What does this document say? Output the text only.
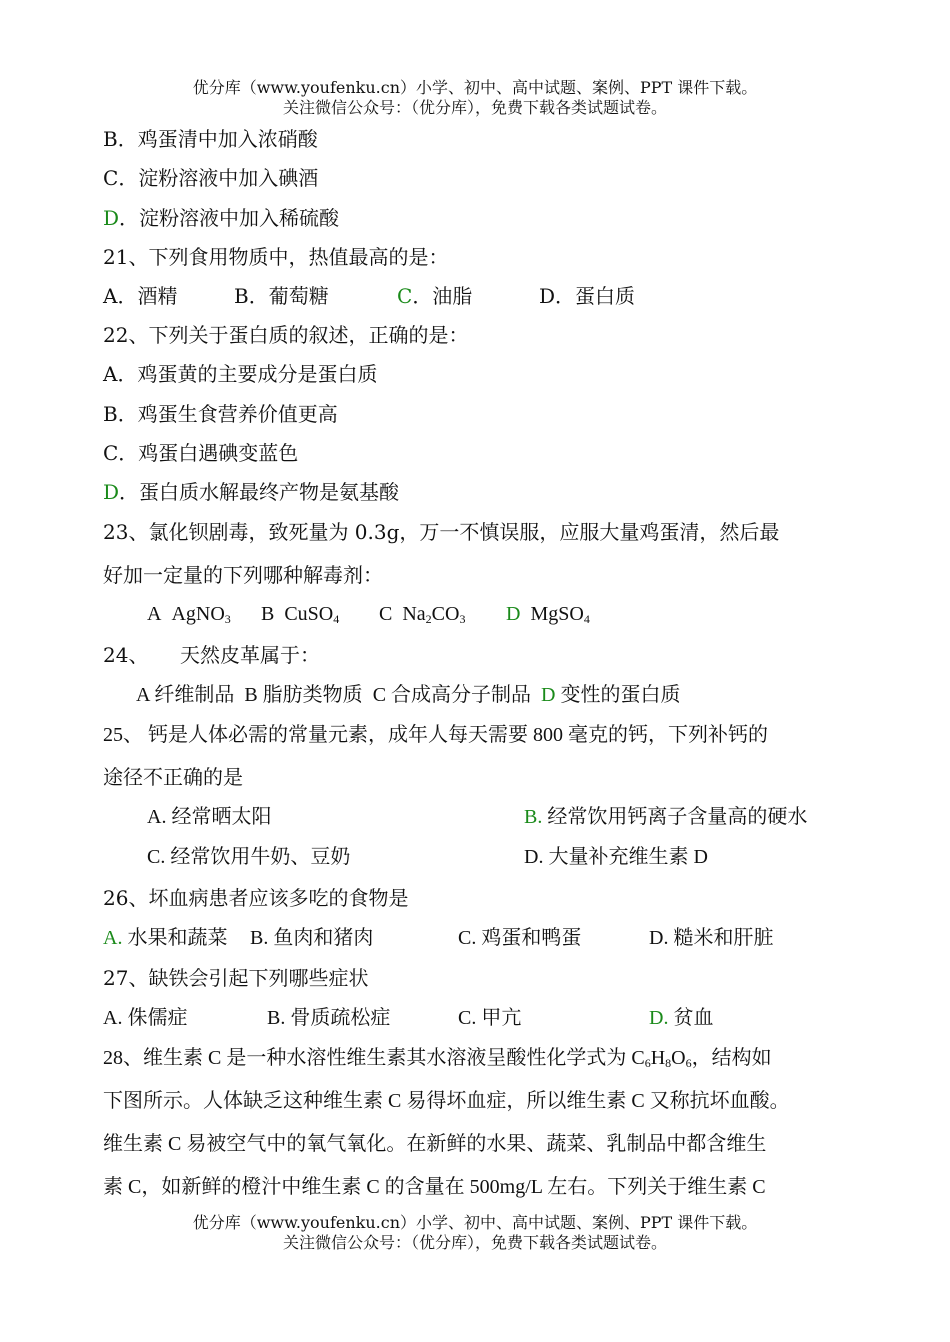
优分库（www.youfenku.cn）小学、初中、高中试题、案例、PPT 课件下载。
关注微信公众号：（优分库），免费下载各类试题试卷。
B．鸡蛋清中加入浓硝酸
C．淀粉溶液中加入碘酒
D．淀粉溶液中加入稀硫酸
21、下列食用物质中，热值最高的是：
A．酒精	B．葡萄糖	C．油脂	D．蛋白质
22、下列关于蛋白质的叙述，正确的是：
A．鸡蛋黄的主要成分是蛋白质
B．鸡蛋生食营养价值更高
C．鸡蛋白遇碘变蓝色
D．蛋白质水解最终产物是氨基酸
23、氯化钡剧毒，致死量为 0.3g，万一不慎误服，应服大量鸡蛋清，然后最
好加一定量的下列哪种解毒剂：
A AgNO$_3$ B CuSO$_4$ C $Na_2CO_3$ D MgSO$_4$
24、 天然皮革属于：
A 纤维制品 B 脂肪类物质 C 合成高分子制品 D 变性的蛋白质
25、 钙是人体必需的常量元素，成年人每天需要 800 毫克的钙，下列补钙的
途径不正确的是
A. 经常晒太阳	B. 经常饮用钙离子含量高的硬水
C. 经常饮用牛奶、豆奶	D. 大量补充维生素 D
26、坏血病患者应该多吃的食物是
A. 水果和蔬菜 B. 鱼肉和猪肉	C. 鸡蛋和鸭蛋	D. 糙米和肝脏
27、缺铁会引起下列哪些症状
A. 侏儒症	B. 骨质疏松症	C. 甲亢	D. 贫血
28、维生素 C 是一种水溶性维生素其水溶液呈酸性化学式为 $C_6H_8O_6$，结构如
下图所示。人体缺乏这种维生素 C 易得坏血症，所以维生素 C 又称抗坏血酸。
维生素 C 易被空气中的氧气氧化。在新鲜的水果、蔬菜、乳制品中都含维生
素 C，如新鲜的橙汁中维生素 C 的含量在 500mg/L 左右。下列关于维生素 C
优分库（www.youfenku.cn）小学、初中、高中试题、案例、PPT 课件下载。
关注微信公众号：（优分库），免费下载各类试题试卷。
